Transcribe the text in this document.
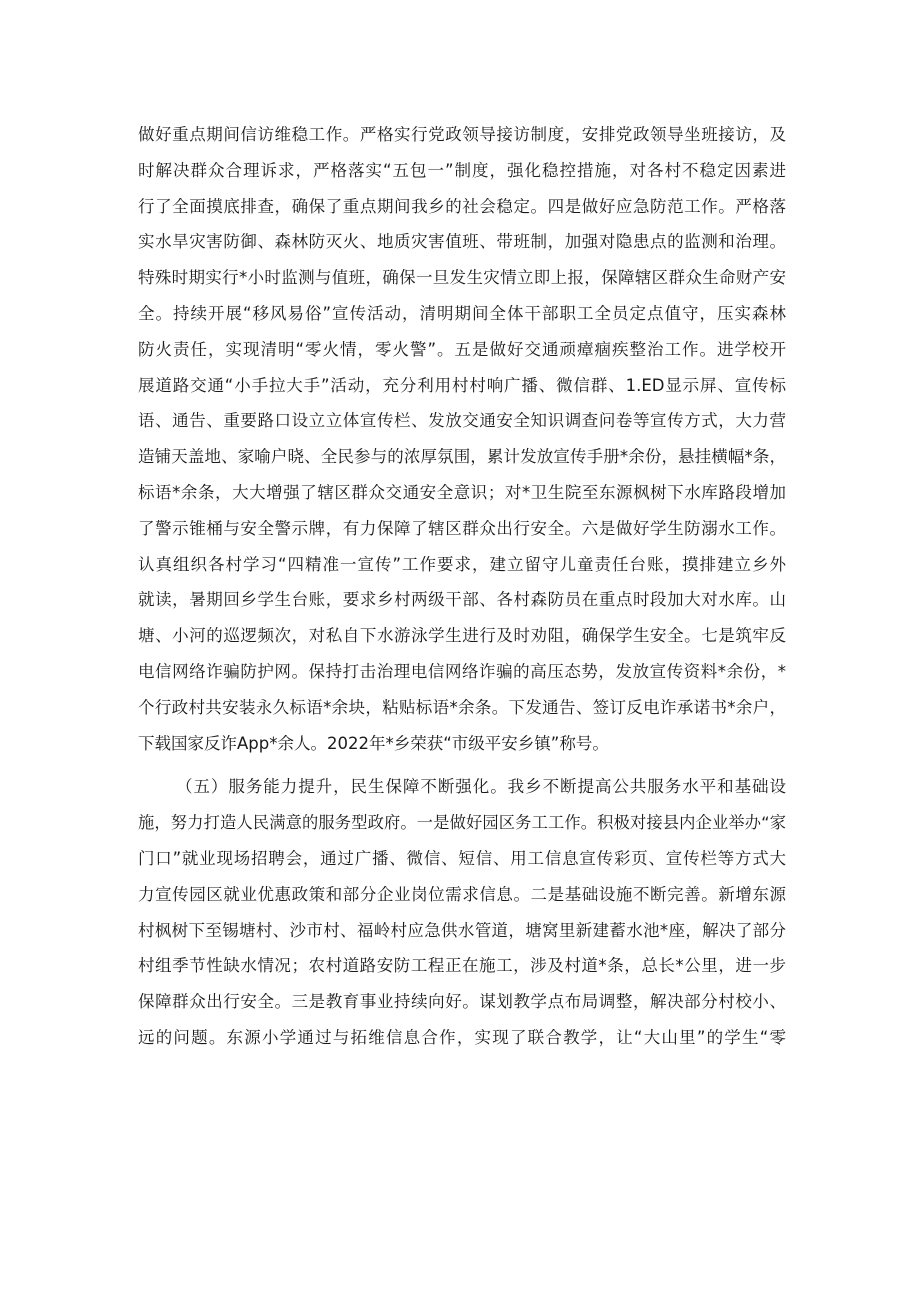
做好重点期间信访维稳工作。严格实行党政领导接访制度，安排党政领导坐班接访，及
时解决群众合理诉求，严格落实“五包一”制度，强化稳控措施，对各村不稳定因素进
行了全面摸底排查，确保了重点期间我乡的社会稳定。四是做好应急防范工作。严格落
实水旱灾害防御、森林防灭火、地质灾害值班、带班制，加强对隐患点的监测和治理。
特殊时期实行*小时监测与值班，确保一旦发生灾情立即上报，保障辖区群众生命财产安
全。持续开展“移风易俗”宣传活动，清明期间全体干部职工全员定点值守，压实森林
防火责任，实现清明“零火情，零火警”。五是做好交通顽瘴痼疾整治工作。进学校开
展道路交通“小手拉大手”活动，充分利用村村响广播、微信群、1.ED显示屏、宣传标
语、通告、重要路口设立立体宣传栏、发放交通安全知识调查问卷等宣传方式，大力营
造铺天盖地、家喻户晓、全民参与的浓厚氛围，累计发放宣传手册*余份，悬挂横幅*条，
标语*余条，大大增强了辖区群众交通安全意识；对*卫生院至东源枫树下水库路段增加
了警示锥桶与安全警示牌，有力保障了辖区群众出行安全。六是做好学生防溺水工作。
认真组织各村学习“四精准一宣传”工作要求，建立留守儿童责任台账，摸排建立乡外
就读，暑期回乡学生台账，要求乡村两级干部、各村森防员在重点时段加大对水库。山
塘、小河的巡逻频次，对私自下水游泳学生进行及时劝阻，确保学生安全。七是筑牢反
电信网络诈骗防护网。保持打击治理电信网络诈骗的高压态势，发放宣传资料*余份，*
个行政村共安装永久标语*余块，粘贴标语*余条。下发通告、签订反电诈承诺书*余户，
下载国家反诈App*余人。2022年*乡荣获“市级平安乡镇”称号。
（五）服务能力提升，民生保障不断强化。我乡不断提高公共服务水平和基础设
施，努力打造人民满意的服务型政府。一是做好园区务工工作。积极对接县内企业举办“家
门口”就业现场招聘会，通过广播、微信、短信、用工信息宣传彩页、宣传栏等方式大
力宣传园区就业优惠政策和部分企业岗位需求信息。二是基础设施不断完善。新增东源
村枫树下至锡塘村、沙市村、福岭村应急供水管道，塘窝里新建蓄水池*座，解决了部分
村组季节性缺水情况；农村道路安防工程正在施工，涉及村道*条，总长*公里，进一步
保障群众出行安全。三是教育事业持续向好。谋划教学点布局调整，解决部分村校小、
远的问题。东源小学通过与拓维信息合作，实现了联合教学，让“大山里”的学生“零
